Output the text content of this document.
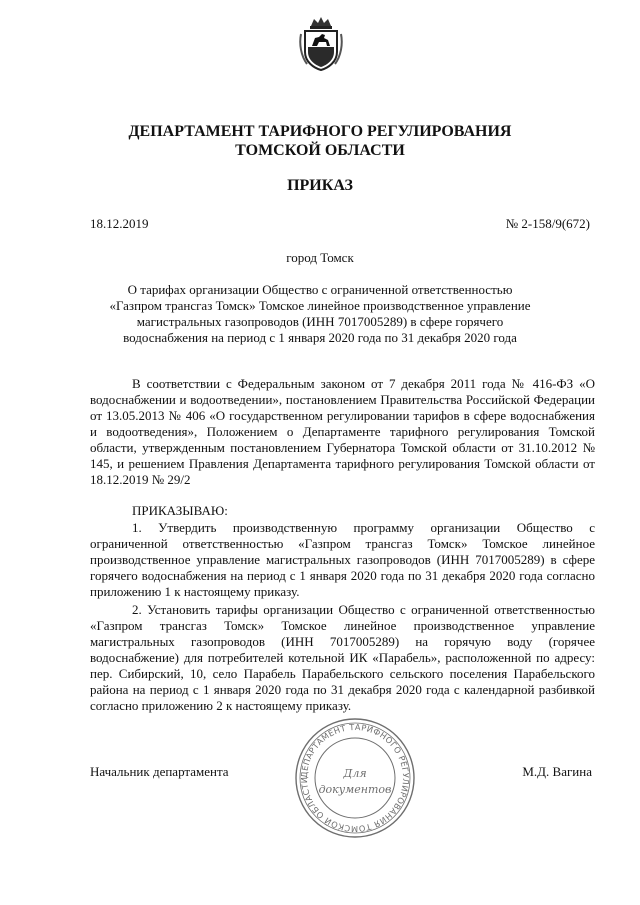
ДЕПАРТАМЕНТ ТАРИФНОГО РЕГУЛИРОВАНИЯ
ТОМСКОЙ ОБЛАСТИ
ПРИКАЗ
18.12.2019	№ 2-158/9(672)
город Томск
О тарифах организации Общество с ограниченной ответственностью «Газпром трансгаз Томск» Томское линейное производственное управление магистральных газопроводов (ИНН 7017005289) в сфере горячего водоснабжения на период с 1 января 2020 года по 31 декабря 2020 года

В соответствии с Федеральным законом от 7 декабря 2011 года № 416-ФЗ «О водоснабжении и водоотведении», постановлением Правительства Российской Федерации от 13.05.2013 № 406 «О государственном регулировании тарифов в сфере водоснабжения и водоотведения», Положением о Департаменте тарифного регулирования Томской области, утвержденным постановлением Губернатора Томской области от 31.10.2012 № 145, и решением Правления Департамента тарифного регулирования Томской области от 18.12.2019 № 29/2

ПРИКАЗЫВАЮ:

1. Утвердить производственную программу организации Общество с ограниченной ответственностью «Газпром трансгаз Томск» Томское линейное производственное управление магистральных газопроводов (ИНН 7017005289) в сфере горячего водоснабжения на период с 1 января 2020 года по 31 декабря 2020 года согласно приложению 1 к настоящему приказу.

2. Установить тарифы организации Общество с ограниченной ответственностью «Газпром трансгаз Томск» Томское линейное производственное управление магистральных газопроводов (ИНН 7017005289) на горячую воду (горячее водоснабжение) для потребителей котельной ИК «Парабель», расположенной по адресу: пер. Сибирский, 10, село Парабель Парабельского сельского поселения Парабельского района на период с 1 января 2020 года по 31 декабря 2020 года с календарной разбивкой согласно приложению 2 к настоящему приказу.

Начальник департамента	М.Д. Вагина
ДЕПАРТАМЕНТ ТАРИФНОГО РЕГУЛИРОВАНИЯ ТОМСКОЙ ОБЛАСТИ	Для
документов
